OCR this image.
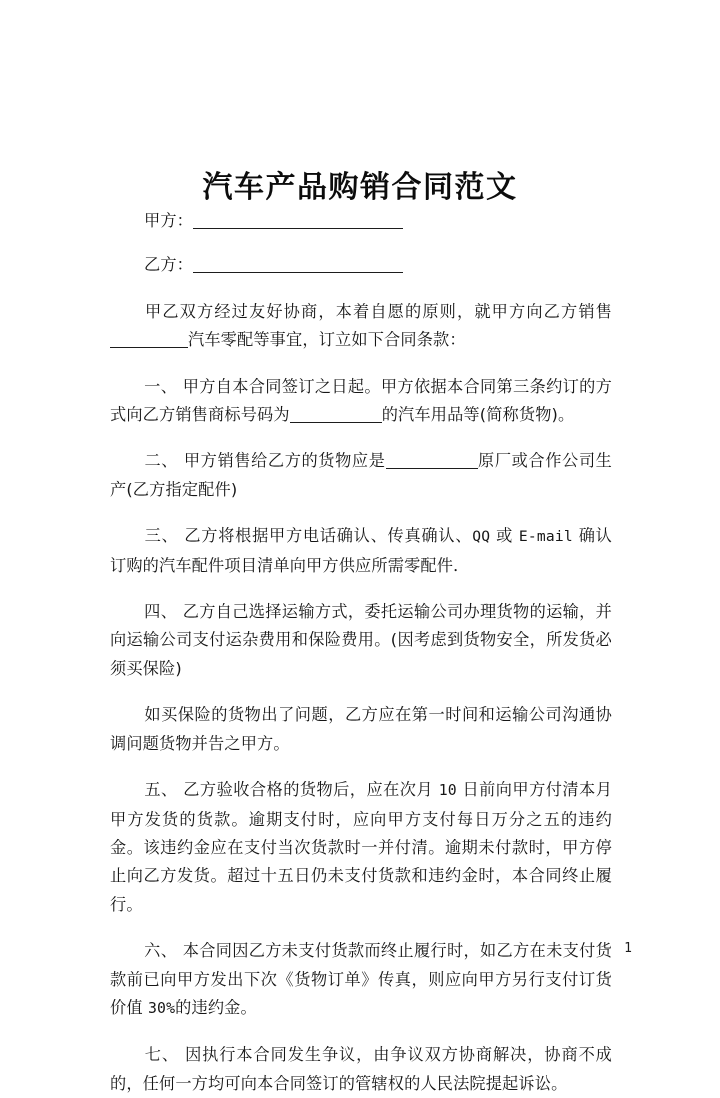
汽车产品购销合同范文

甲方：

乙方：

甲乙双方经过友好协商，本着自愿的原则，就甲方向乙方销售汽车零配等事宜，订立如下合同条款：

一、 甲方自本合同签订之日起。甲方依据本合同第三条约订的方式向乙方销售商标号码为	的汽车用品等(简称货物)。

二、 甲方销售给乙方的货物应是	原厂或合作公司生产(乙方指定配件)

三、 乙方将根据甲方电话确认、传真确认、QQ 或 E-mail 确认订购的汽车配件项目清单向甲方供应所需零配件．

四、 乙方自己选择运输方式，委托运输公司办理货物的运输，并向运输公司支付运杂费用和保险费用。(因考虑到货物安全，所发货必须买保险)

如买保险的货物出了问题，乙方应在第一时间和运输公司沟通协调问题货物并告之甲方。

五、 乙方验收合格的货物后，应在次月 10 日前向甲方付清本月甲方发货的货款。逾期支付时，应向甲方支付每日万分之五的违约金。该违约金应在支付当次货款时一并付清。逾期未付款时，甲方停止向乙方发货。超过十五日仍未支付货款和违约金时，本合同终止履行。

六、 本合同因乙方未支付货款而终止履行时，如乙方在未支付货款前已向甲方发出下次《货物订单》传真，则应向甲方另行支付订货价值 30%的违约金。

七、 因执行本合同发生争议，由争议双方协商解决，协商不成的，任何一方均可向本合同签订的管辖权的人民法院提起诉讼。

1
